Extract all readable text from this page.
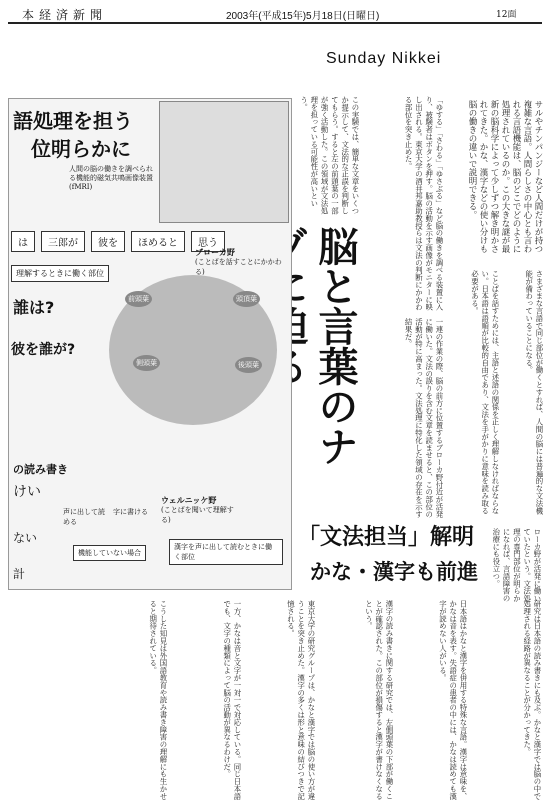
本経済新聞	2003年(平成15年)5月18日(日曜日)	12面
Sunday Nikkei
サルやチンパンジーなど人間だけが持つ複雑な言語。人間らしさの中心とも言われる言語機能は、脳のどこでどのように処理されているのか。この大きな謎が最新の脳科学によって少しずつ解き明かされてきた。かな、漢字などの使い分けも脳の働きの違いで説明できる。
「ゆする」「さわる」「ゆさぶる」など脳の働きを調べる装置に入り、被験者はボタンを押す。脳の活動を示す画像がモニターに映し出される。東京大学の酒井邦嘉助教授らは文法の判断にかかわる部位を突き止めた。
この実験では、簡単な文章をいくつか提示して、文法的な正誤を判断してもらう。すると左の前頭葉の一部が強く活動した。この領域が文法処理を担っている可能性が高いという。
脳と言葉のナ	一連の作業の際、脳の前方に位置するブローカ野付近が活発に働いた。文法の誤りを含む文章を読ませると、この部位の活動が特に高まった。文法処理に特化した領域の存在を示す結果だ。	ことばを話すためには、主語と述語の関係を正しく理解しなければならない。日本語は語順が比較的自由であり、文法を手がかりに意味を読み取る必要がある。	さまざまな言語で同じ部位が働くとすれば、人間の脳には普遍的な文法機能が備わっていることになる。
ローカ野が活発に働いていたという。文法処理の専門部位が明らかになれば、言語障害の治療にも役立つ。
「文法担当」解明
かな・漢字も前進
語処理を担う
位明らかに
人間の脳の働きを調べられる機能的磁気共鳴画像装置(fMRI)
は	三郎が	彼を	ほめると	思う
理解するときに働く部位
誰は?
彼を誰が?
ブローカ野
(ことばを話すことにかかわる)
前頭葉	頭頂葉
側頭葉	後頭葉
ウェルニッケ野
(ことばを聞いて理解する)
の読み書き
けい
声に出して読める
字に書ける
機能していない場合
漢字を声に出して読むときに働く部位
ない
計
研究は日本語の読み書きにも及ぶ。かなと漢字では脳の中で処理される経路が異なることが分かってきた。
日本語はかなと漢字を併用する特殊な言語。漢字は意味を、かなは音を表す。失語症の患者の中には、かなは読めても漢字が読めない人がいる。
漢字の読み書きに関する研究では、左側頭葉の下部が働くことが確認された。この部位が損傷すると漢字が書けなくなるという。
東京大学の研究グループは、かなと漢字では脳の使い方が違うことを突き止めた。漢字の多くは形と意味の結びつきで記憶される。
一方、かなは音と文字が一対一で対応している。同じ日本語でも、文字の種類によって脳の活動が異なるわけだ。
こうした知見は外国語教育や読み書き障害の理解にも生かせると期待されている。
